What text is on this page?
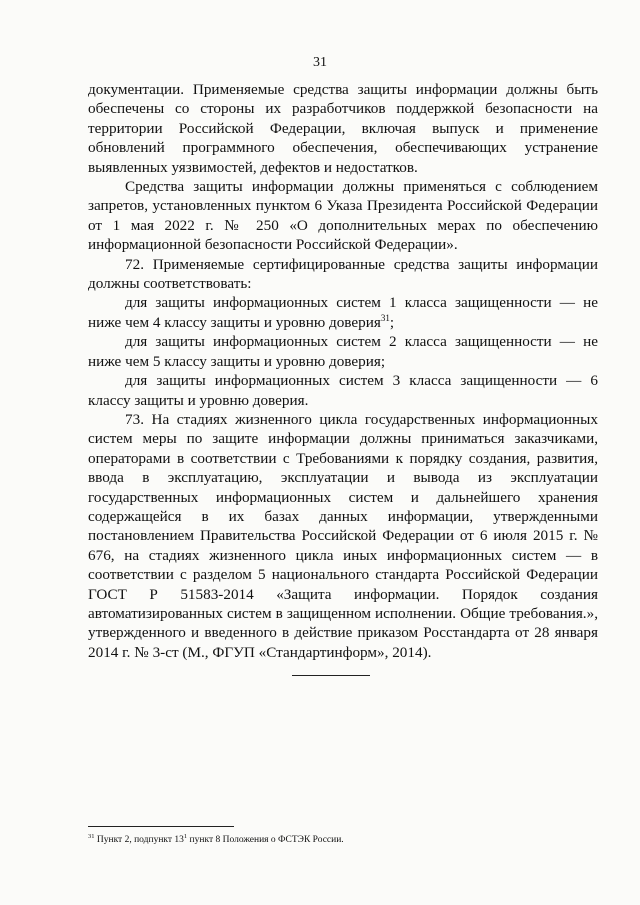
31

документации. Применяемые средства защиты информации должны быть обеспечены со стороны их разработчиков поддержкой безопасности на территории Российской Федерации, включая выпуск и применение обновлений программного обеспечения, обеспечивающих устранение выявленных уязвимостей, дефектов и недостатков.

Средства защиты информации должны применяться с соблюдением запретов, установленных пунктом 6 Указа Президента Российской Федерации от 1 мая 2022 г. № 250 «О дополнительных мерах по обеспечению информационной безопасности Российской Федерации».

72. Применяемые сертифицированные средства защиты информации должны соответствовать:

для защиты информационных систем 1 класса защищенности — не ниже чем 4 классу защиты и уровню доверия$^{31}$;

для защиты информационных систем 2 класса защищенности — не ниже чем 5 классу защиты и уровню доверия;

для защиты информационных систем 3 класса защищенности — 6 классу защиты и уровню доверия.

73. На стадиях жизненного цикла государственных информационных систем меры по защите информации должны приниматься заказчиками, операторами в соответствии с Требованиями к порядку создания, развития, ввода в эксплуатацию, эксплуатации и вывода из эксплуатации государственных информационных систем и дальнейшего хранения содержащейся в их базах данных информации, утвержденными постановлением Правительства Российской Федерации от 6 июля 2015 г. № 676, на стадиях жизненного цикла иных информационных систем — в соответствии с разделом 5 национального стандарта Российской Федерации ГОСТ Р 51583-2014 «Защита информации. Порядок создания автоматизированных систем в защищенном исполнении. Общие требования.», утвержденного и введенного в действие приказом Росстандарта от 28 января 2014 г. № 3-ст (М., ФГУП «Стандартинформ», 2014).

$^{31}$ Пункт 2, подпункт $13^1$ пункт 8 Положения о ФСТЭК России.
